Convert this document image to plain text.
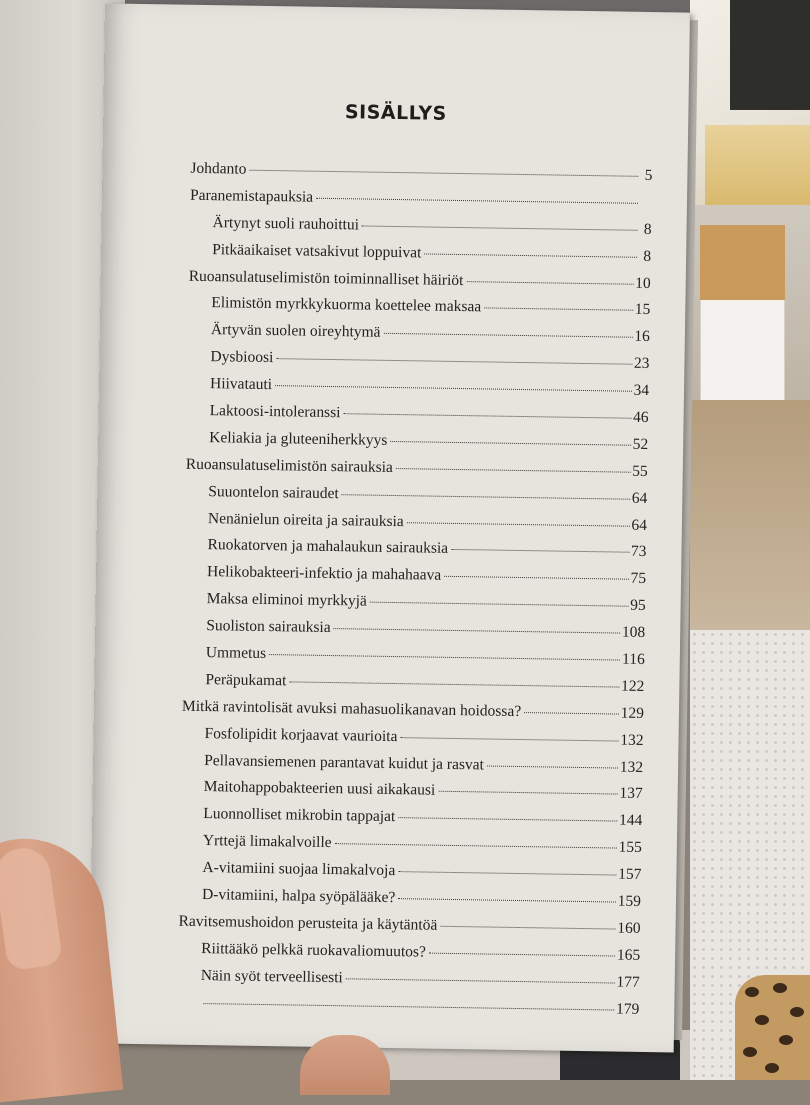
SISÄLLYS
Johdanto	5
Paranemistapauksia
Ärtynyt suoli rauhoittui	8
Pitkäaikaiset vatsakivut loppuivat	8
Ruoansulatuselimistön toiminnalliset häiriöt	10
Elimistön myrkkykuorma koettelee maksaa	15
Ärtyvän suolen oireyhtymä	16
Dysbioosi	23
Hiivatauti	34
Laktoosi-intoleranssi	46
Keliakia ja gluteeniherkkyys	52
Ruoansulatuselimistön sairauksia	55
Suuontelon sairaudet	64
Nenänielun oireita ja sairauksia	64
Ruokatorven ja mahalaukun sairauksia	73
Helikobakteeri-infektio ja mahahaava	75
Maksa eliminoi myrkkyjä	95
Suoliston sairauksia	108
Ummetus	116
Peräpukamat	122
Mitkä ravintolisät avuksi mahasuolikanavan hoidossa?	129
Fosfolipidit korjaavat vaurioita	132
Pellavansiemenen parantavat kuidut ja rasvat	132
Maitohappobakteerien uusi aikakausi	137
Luonnolliset mikrobin tappajat	144
Yrttejä limakalvoille	155
A-vitamiini suojaa limakalvoja	157
D-vitamiini, halpa syöpälääke?	159
Ravitsemushoidon perusteita ja käytäntöä	160
Riittääkö pelkkä ruokavaliomuutos?	165
Näin syöt terveellisesti	177
179
